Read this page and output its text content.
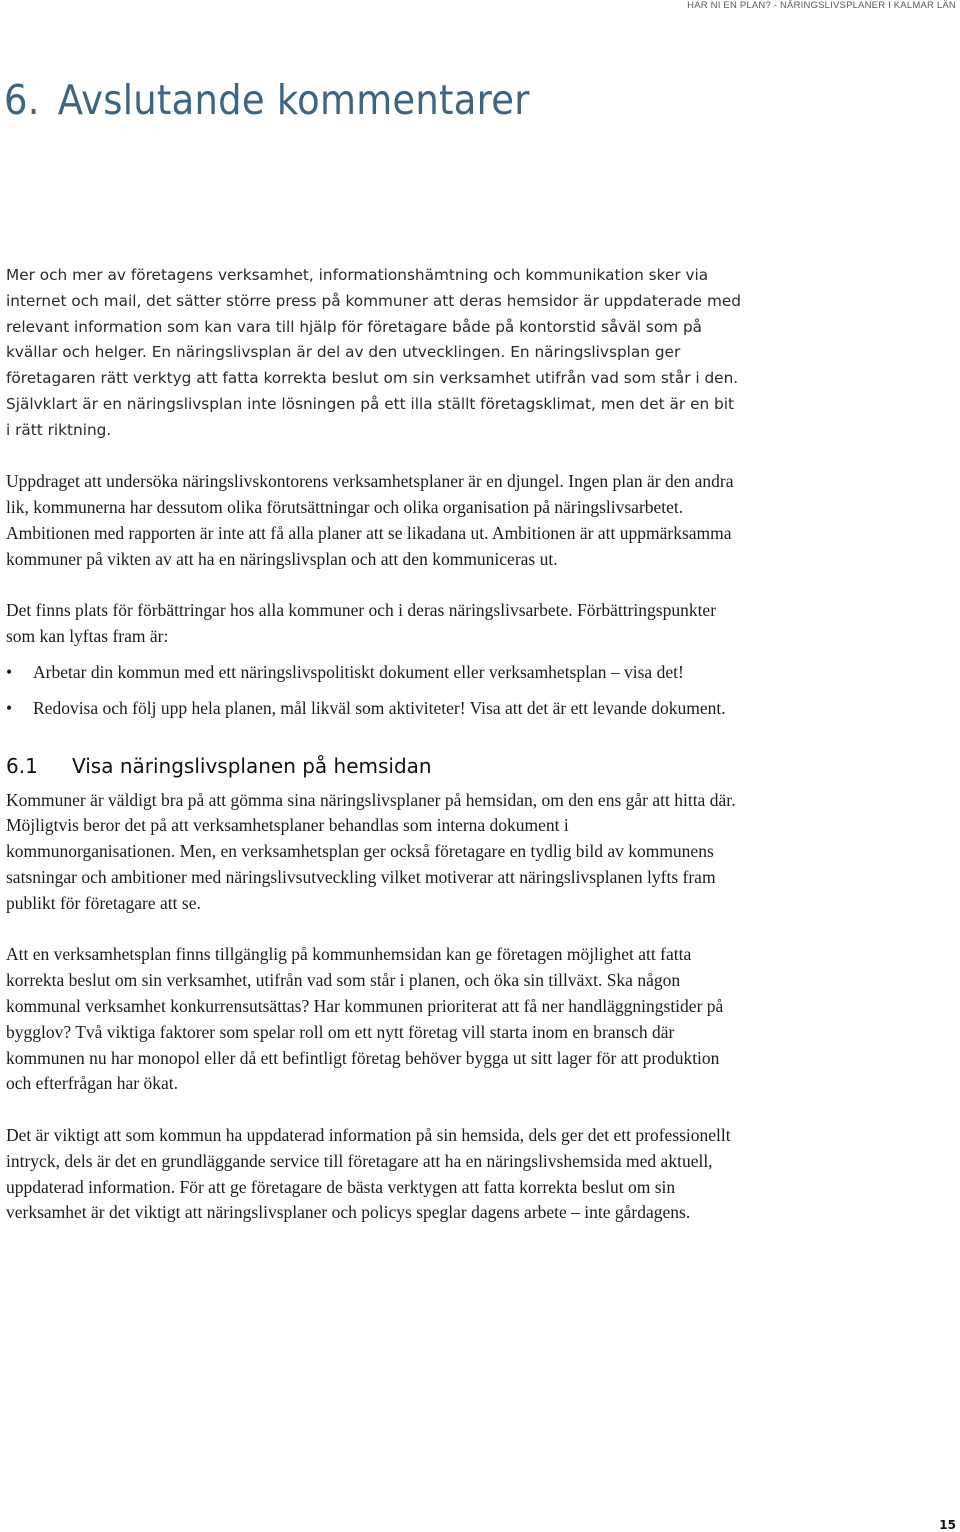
HAR NI EN PLAN? - NÄRINGSLIVSPLANER I KALMAR LÄN
6. Avslutande kommentarer

Mer och mer av företagens verksamhet, informationshämtning och kommunikation sker via internet och mail, det sätter större press på kommuner att deras hemsidor är uppdaterade med relevant information som kan vara till hjälp för företagare både på kontorstid såväl som på kvällar och helger. En näringslivsplan är del av den utvecklingen. En näringslivsplan ger företagaren rätt verktyg att fatta korrekta beslut om sin verksamhet utifrån vad som står i den. Självklart är en näringslivsplan inte lösningen på ett illa ställt företagsklimat, men det är en bit i rätt riktning.

Uppdraget att undersöka näringslivskontorens verksamhetsplaner är en djungel. Ingen plan är den andra lik, kommunerna har dessutom olika förutsättningar och olika organisation på näringslivsarbetet. Ambitionen med rapporten är inte att få alla planer att se likadana ut. Ambitionen är att uppmärksamma kommuner på vikten av att ha en näringslivsplan och att den kommuniceras ut.

Det finns plats för förbättringar hos alla kommuner och i deras näringslivsarbete. Förbättringspunkter som kan lyftas fram är:

• Arbetar din kommun med ett näringslivspolitiskt dokument eller verksamhetsplan – visa det!
• Redovisa och följ upp hela planen, mål likväl som aktiviteter! Visa att det är ett levande dokument.
6.1 Visa näringslivsplanen på hemsidan

Kommuner är väldigt bra på att gömma sina näringslivsplaner på hemsidan, om den ens går att hitta där. Möjligtvis beror det på att verksamhetsplaner behandlas som interna dokument i kommunorganisationen. Men, en verksamhetsplan ger också företagare en tydlig bild av kommunens satsningar och ambitioner med näringslivsutveckling vilket motiverar att näringslivsplanen lyfts fram publikt för företagare att se.

Att en verksamhetsplan finns tillgänglig på kommunhemsidan kan ge företagen möjlighet att fatta korrekta beslut om sin verksamhet, utifrån vad som står i planen, och öka sin tillväxt. Ska någon kommunal verksamhet konkurrensutsättas? Har kommunen prioriterat att få ner handläggningstider på bygglov? Två viktiga faktorer som spelar roll om ett nytt företag vill starta inom en bransch där kommunen nu har monopol eller då ett befintligt företag behöver bygga ut sitt lager för att produktion och efterfrågan har ökat.

Det är viktigt att som kommun ha uppdaterad information på sin hemsida, dels ger det ett professionellt intryck, dels är det en grundläggande service till företagare att ha en näringslivshemsida med aktuell, uppdaterad information. För att ge företagare de bästa verktygen att fatta korrekta beslut om sin verksamhet är det viktigt att näringslivsplaner och policys speglar dagens arbete – inte gårdagens.

15
